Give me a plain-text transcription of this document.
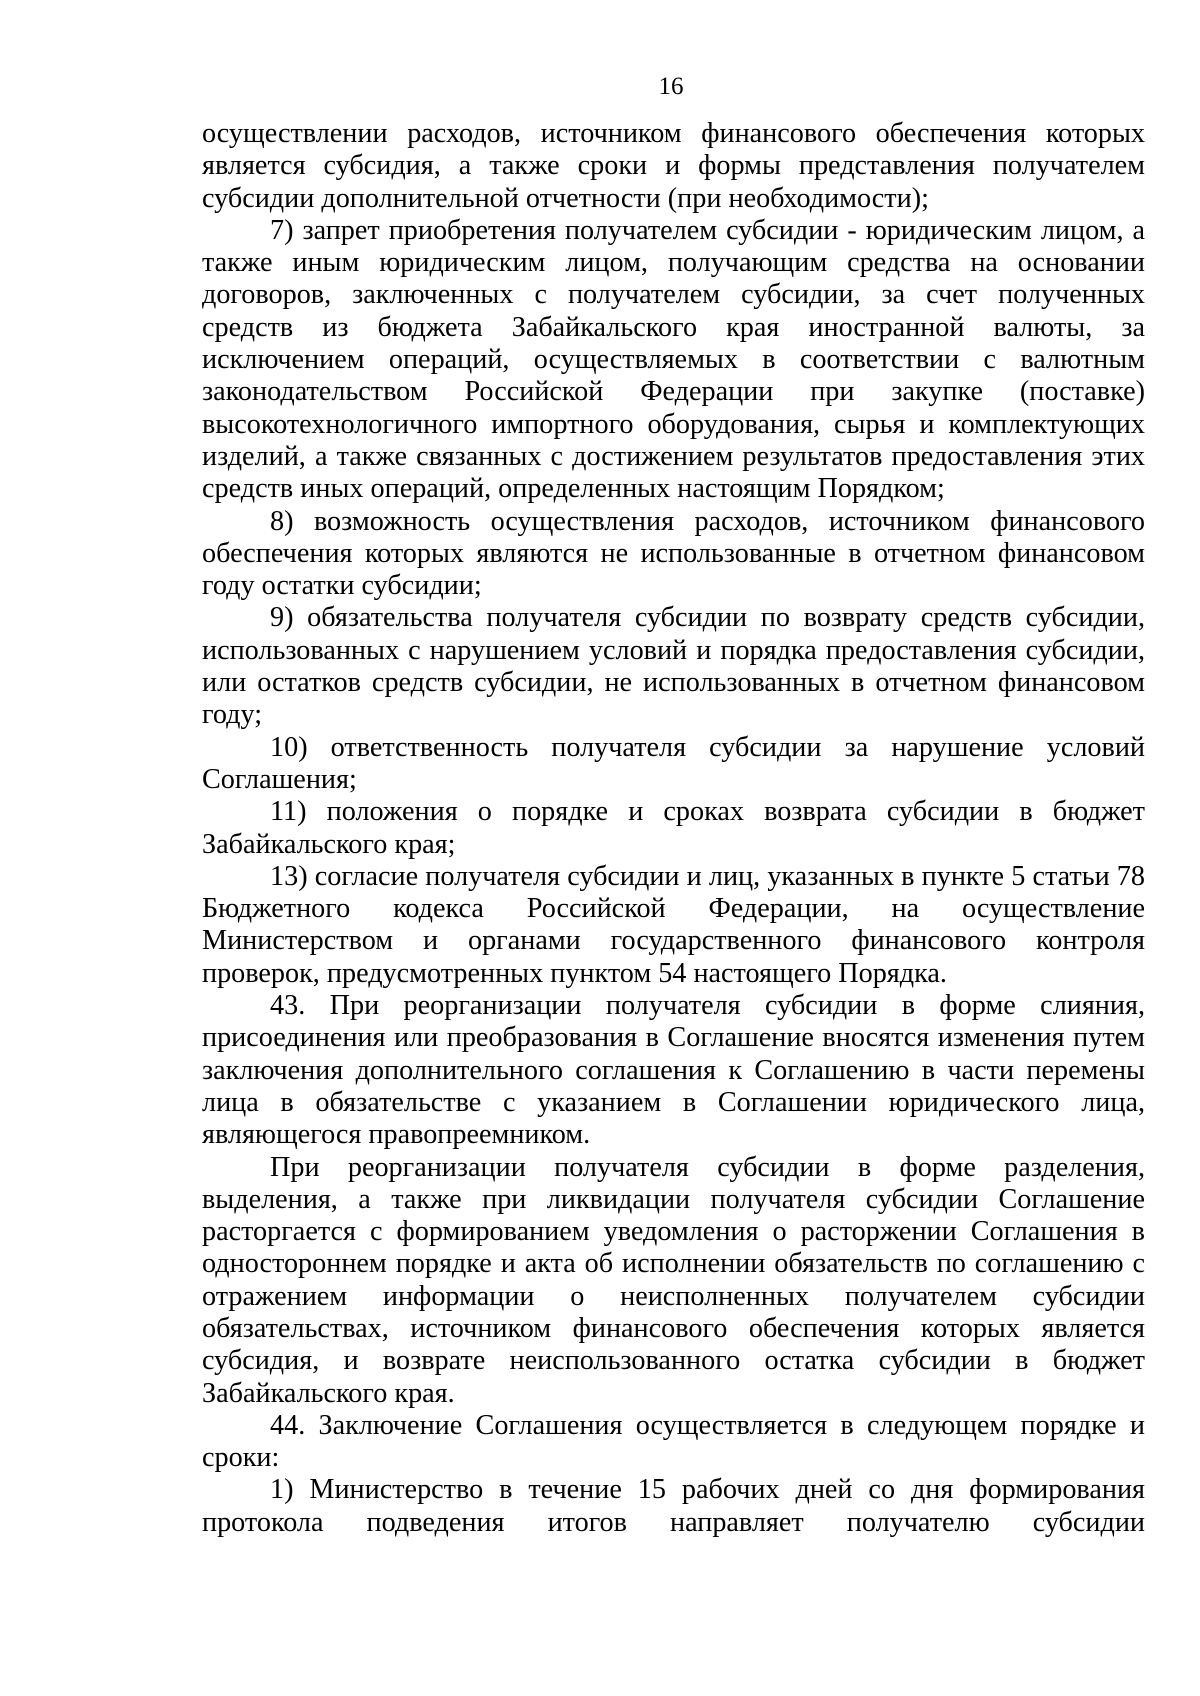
16

осуществлении расходов, источником финансового обеспечения которых является субсидия, а также сроки и формы представления получателем субсидии дополнительной отчетности (при необходимости);

7) запрет приобретения получателем субсидии - юридическим лицом, а также иным юридическим лицом, получающим средства на основании договоров, заключенных с получателем субсидии, за счет полученных средств из бюджета Забайкальского края иностранной валюты, за исключением операций, осуществляемых в соответствии с валютным законодательством Российской Федерации при закупке (поставке) высокотехнологичного импортного оборудования, сырья и комплектующих изделий, а также связанных с достижением результатов предоставления этих средств иных операций, определенных настоящим Порядком;

8) возможность осуществления расходов, источником финансового обеспечения которых являются не использованные в отчетном финансовом году остатки субсидии;

9) обязательства получателя субсидии по возврату средств субсидии, использованных с нарушением условий и порядка предоставления субсидии, или остатков средств субсидии, не использованных в отчетном финансовом году;

10) ответственность получателя субсидии за нарушение условий Соглашения;

11) положения о порядке и сроках возврата субсидии в бюджет Забайкальского края;

13) согласие получателя субсидии и лиц, указанных в пункте 5 статьи 78 Бюджетного кодекса Российской Федерации, на осуществление Министерством и органами государственного финансового контроля проверок, предусмотренных пунктом 54 настоящего Порядка.

43. При реорганизации получателя субсидии в форме слияния, присоединения или преобразования в Соглашение вносятся изменения путем заключения дополнительного соглашения к Соглашению в части перемены лица в обязательстве с указанием в Соглашении юридического лица, являющегося правопреемником.

При реорганизации получателя субсидии в форме разделения, выделения, а также при ликвидации получателя субсидии Соглашение расторгается с формированием уведомления о расторжении Соглашения в одностороннем порядке и акта об исполнении обязательств по соглашению с отражением информации о неисполненных получателем субсидии обязательствах, источником финансового обеспечения которых является субсидия, и возврате неиспользованного остатка субсидии в бюджет Забайкальского края.

44. Заключение Соглашения осуществляется в следующем порядке и сроки:

1) Министерство в течение 15 рабочих дней со дня формирования протокола подведения итогов направляет получателю субсидии
